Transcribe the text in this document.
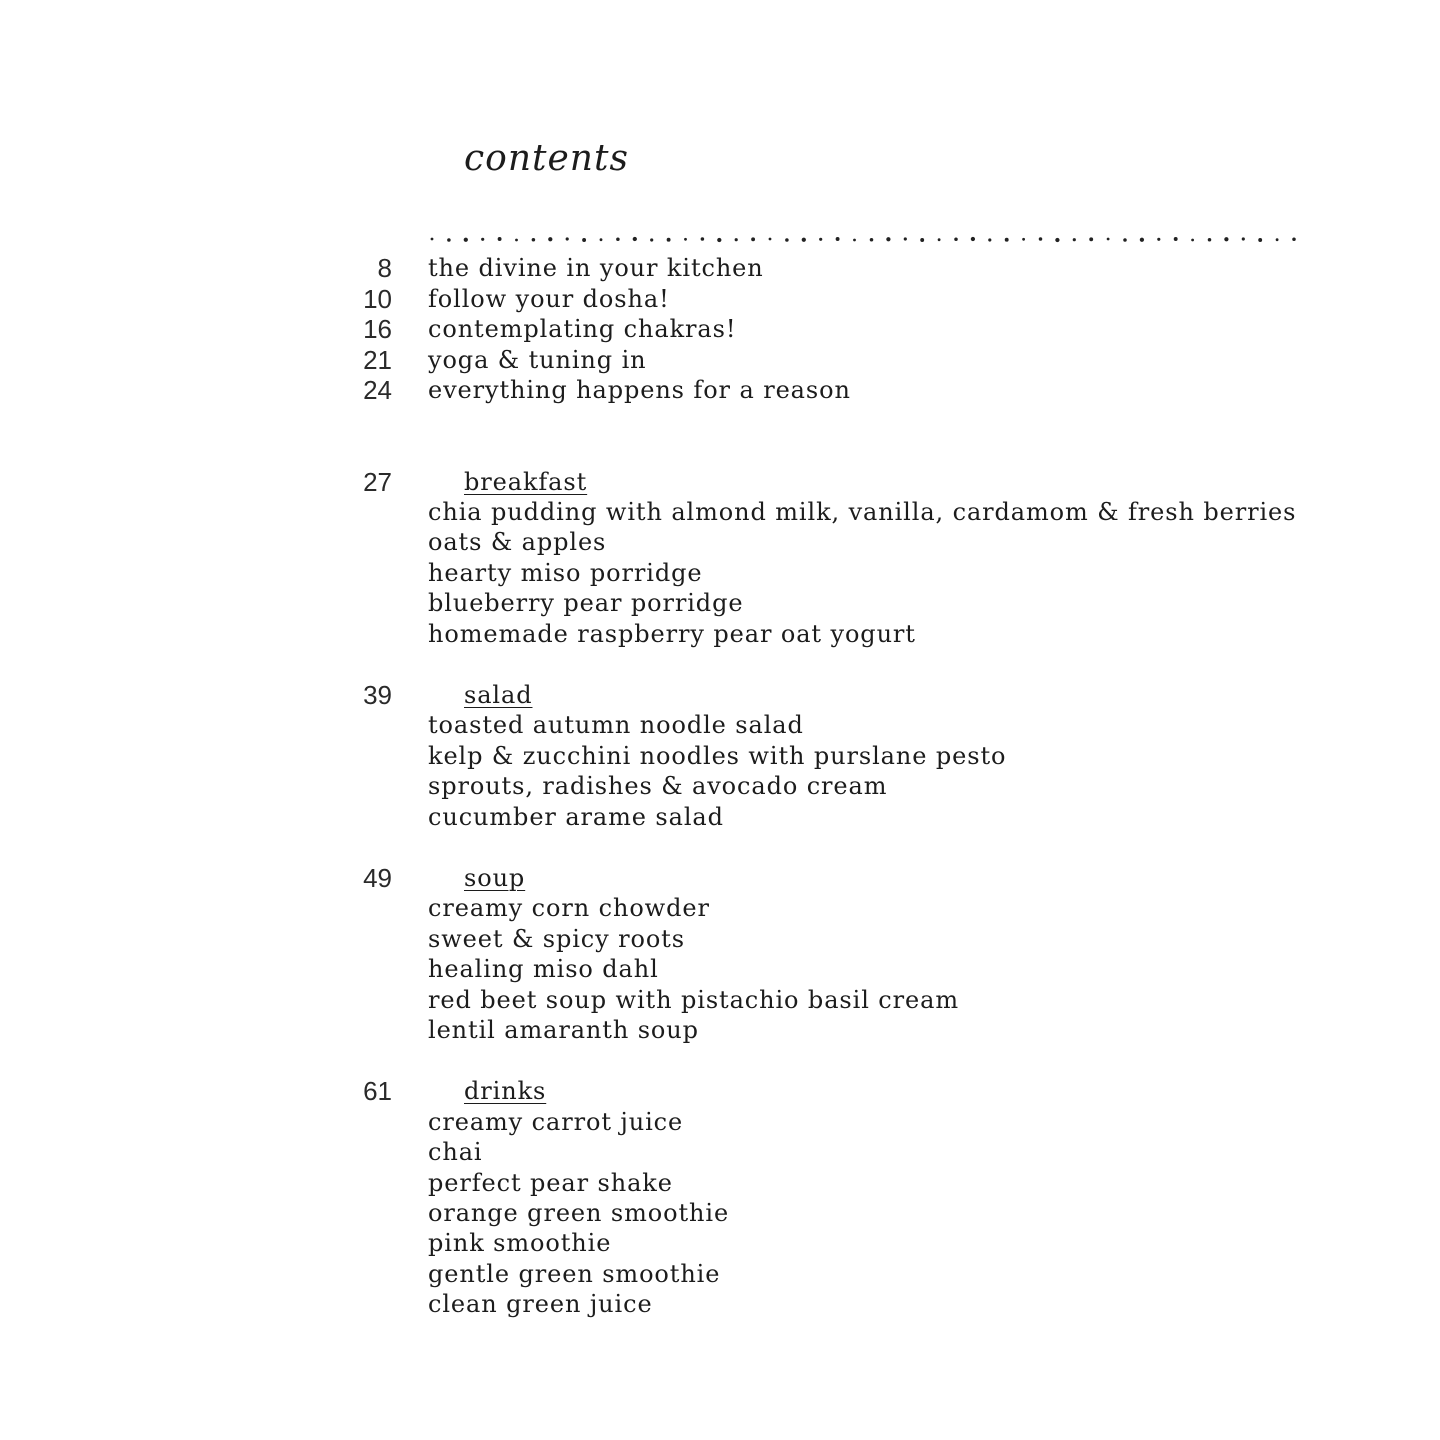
contents
8 the divine in your kitchen
10 follow your dosha!
16 contemplating chakras!
21 yoga & tuning in
24 everything happens for a reason
27	breakfast
chia pudding with almond milk, vanilla, cardamom & fresh berries
oats & apples
hearty miso porridge
blueberry pear porridge
homemade raspberry pear oat yogurt
39	salad
toasted autumn noodle salad
kelp & zucchini noodles with purslane pesto
sprouts, radishes & avocado cream
cucumber arame salad
49	soup
creamy corn chowder
sweet & spicy roots
healing miso dahl
red beet soup with pistachio basil cream
lentil amaranth soup
61	drinks
creamy carrot juice
chai
perfect pear shake
orange green smoothie
pink smoothie
gentle green smoothie
clean green juice
